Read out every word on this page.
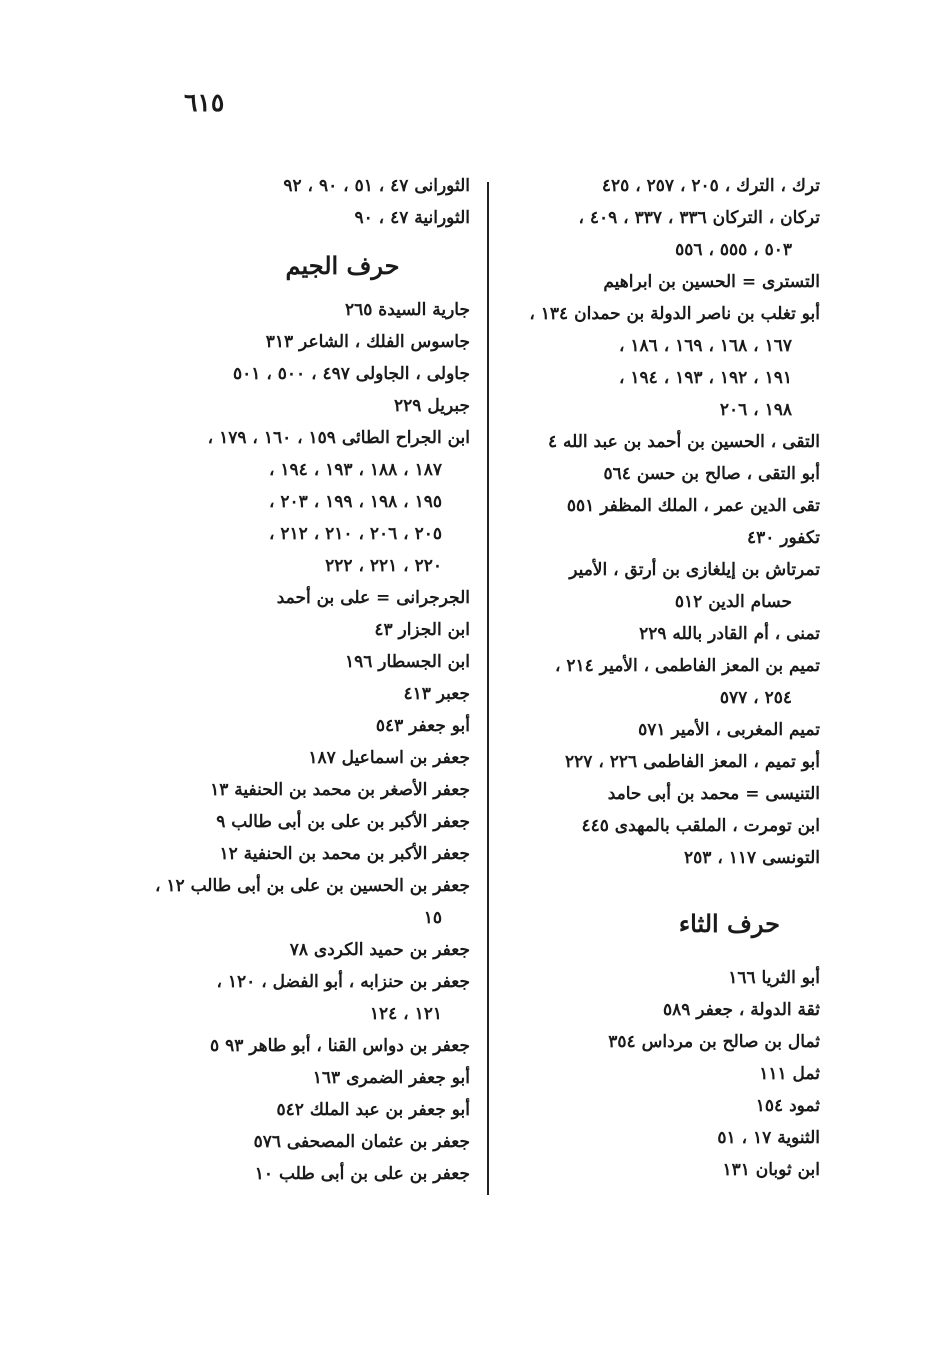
٦١٥
ترك ، الترك ، ٢٠٥ ، ٢٥٧ ، ٤٢٥
تركان ، التركان ٣٣٦ ، ٣٣٧ ، ٤٠٩ ،
٥٠٣ ، ٥٥٥ ، ٥٥٦
التسترى = الحسين بن ابراهيم
أبو تغلب بن ناصر الدولة بن حمدان ١٣٤ ،
١٦٧ ، ١٦٨ ، ١٦٩ ، ١٨٦ ،
١٩١ ، ١٩٢ ، ١٩٣ ، ١٩٤ ،
١٩٨ ، ٢٠٦
التقى ، الحسين بن أحمد بن عبد الله ٤
أبو التقى ، صالح بن حسن ٥٦٤
تقى الدين عمر ، الملك المظفر ٥٥١
تكفور ٤٣٠
تمرتاش بن إيلغازى بن أرتق ، الأمير
حسام الدين ٥١٢
تمنى ، أم القادر بالله ٢٢٩
تميم بن المعز الفاطمى ، الأمير ٢١٤ ،
٢٥٤ ، ٥٧٧
تميم المغربى ، الأمير ٥٧١
أبو تميم ، المعز الفاطمى ٢٢٦ ، ٢٢٧
التنيسى = محمد بن أبى حامد
ابن تومرت ، الملقب بالمهدى ٤٤٥
التونسى ١١٧ ، ٢٥٣
حرف الثاء
أبو الثريا ١٦٦
ثقة الدولة ، جعفر ٥٨٩
ثمال بن صالح بن مرداس ٣٥٤
ثمل ١١١
ثمود ١٥٤
الثنوية ١٧ ، ٥١
ابن ثوبان ١٣١
الثورانى ٤٧ ، ٥١ ، ٩٠ ، ٩٢
الثورانية ٤٧ ، ٩٠
حرف الجيم
جارية السيدة ٢٦٥
جاسوس الفلك ، الشاعر ٣١٣
جاولى ، الجاولى ٤٩٧ ، ٥٠٠ ، ٥٠١
جبريل ٢٢٩
ابن الجراح الطائى ١٥٩ ، ١٦٠ ، ١٧٩ ،
١٨٧ ، ١٨٨ ، ١٩٣ ، ١٩٤ ،
١٩٥ ، ١٩٨ ، ١٩٩ ، ٢٠٣ ،
٢٠٥ ، ٢٠٦ ، ٢١٠ ، ٢١٢ ،
٢٢٠ ، ٢٢١ ، ٢٢٢
الجرجرانى = على بن أحمد
ابن الجزار ٤٣
ابن الجسطار ١٩٦
جعبر ٤١٣
أبو جعفر ٥٤٣
جعفر بن اسماعيل ١٨٧
جعفر الأصغر بن محمد بن الحنفية ١٣
جعفر الأكبر بن على بن أبى طالب ٩
جعفر الأكبر بن محمد بن الحنفية ١٢
جعفر بن الحسين بن على بن أبى طالب ١٢ ،
١٥
جعفر بن حميد الكردى ٧٨
جعفر بن حنزابه ، أبو الفضل ، ١٢٠ ،
١٢١ ، ١٢٤
جعفر بن دواس القنا ، أبو طاهر ٩٣ ٥
أبو جعفر الضمرى ١٦٣
أبو جعفر بن عبد الملك ٥٤٢
جعفر بن عثمان المصحفى ٥٧٦
جعفر بن على بن أبى طلب ١٠
